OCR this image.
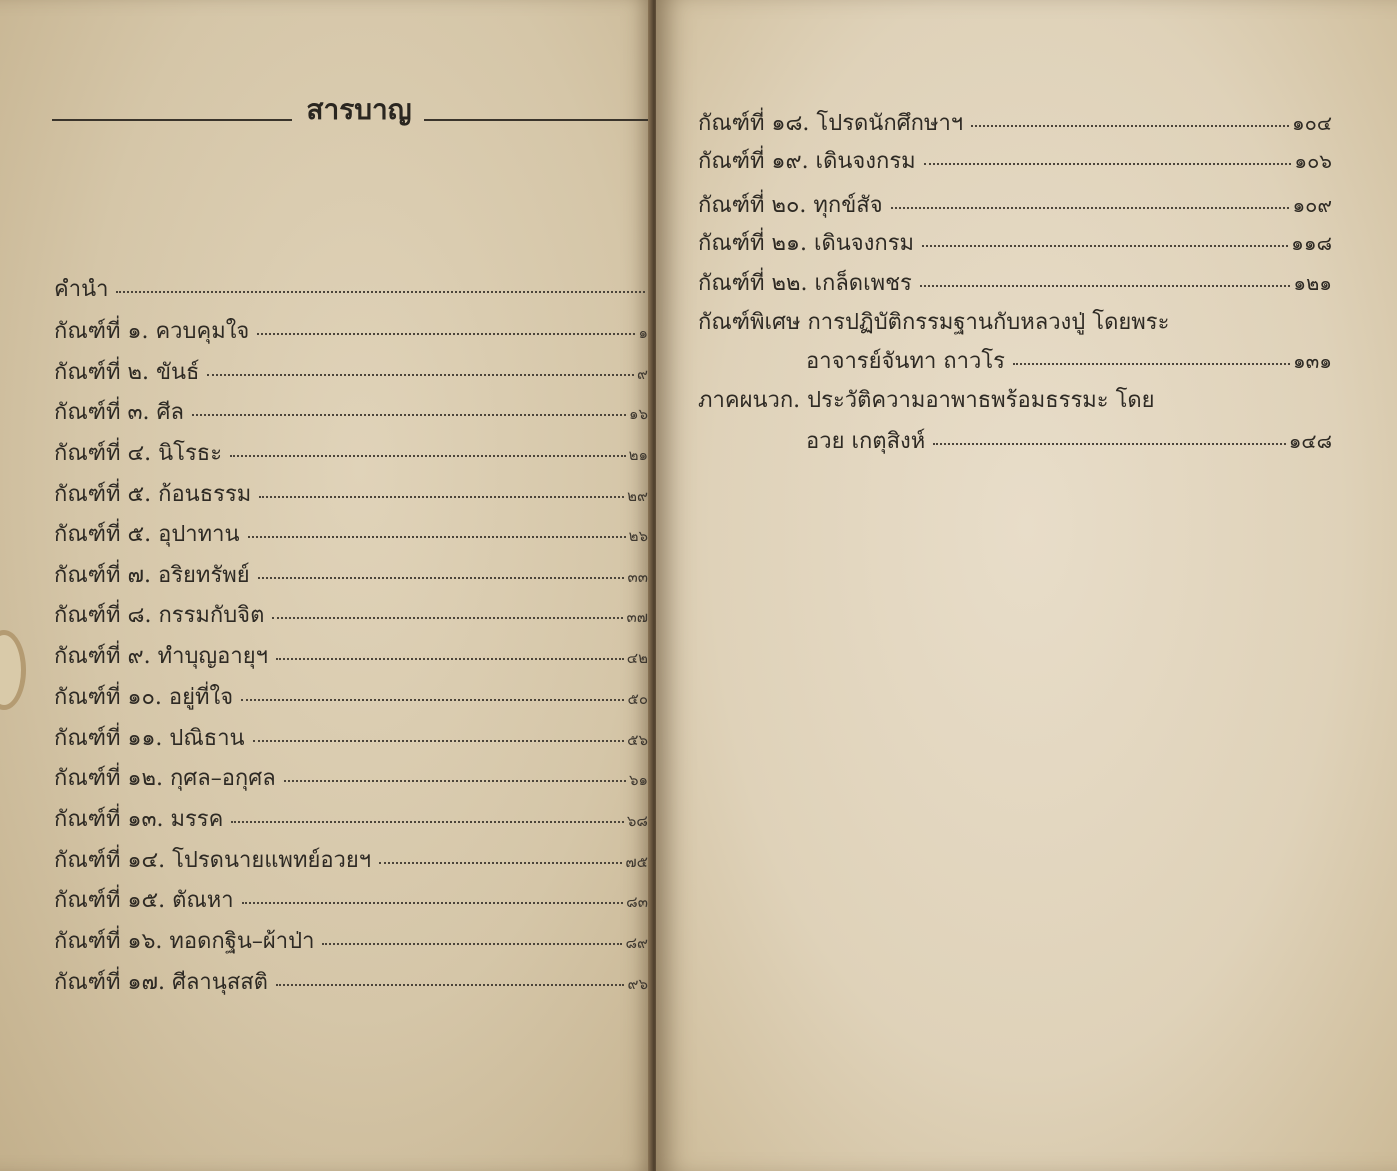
สารบาญ
คำนำ
กัณฑ์ที่ ๑. ควบคุมใจ	๑
กัณฑ์ที่ ๒. ขันธ์	๙
กัณฑ์ที่ ๓. ศีล	๑๖
กัณฑ์ที่ ๔. นิโรธะ	๒๑
กัณฑ์ที่ ๕. ก้อนธรรม	๒๙
กัณฑ์ที่ ๕. อุปาทาน	๒๖
กัณฑ์ที่ ๗. อริยทรัพย์	๓๓
กัณฑ์ที่ ๘. กรรมกับจิต	๓๗
กัณฑ์ที่ ๙. ทำบุญอายุฯ	๔๒
กัณฑ์ที่ ๑๐. อยู่ที่ใจ	๕๐
กัณฑ์ที่ ๑๑. ปณิธาน	๕๖
กัณฑ์ที่ ๑๒. กุศล–อกุศล	๖๑
กัณฑ์ที่ ๑๓. มรรค	๖๘
กัณฑ์ที่ ๑๔. โปรดนายแพทย์อวยฯ	๗๕
กัณฑ์ที่ ๑๕. ตัณหา	๘๓
กัณฑ์ที่ ๑๖. ทอดกฐิน–ผ้าป่า	๘๙
กัณฑ์ที่ ๑๗. ศีลานุสสติ	๙๖
กัณฑ์ที่ ๑๘. โปรดนักศึกษาฯ	๑๐๔
กัณฑ์ที่ ๑๙. เดินจงกรม	๑๐๖
กัณฑ์ที่ ๒๐. ทุกข์สัจ	๑๐๙
กัณฑ์ที่ ๒๑. เดินจงกรม	๑๑๘
กัณฑ์ที่ ๒๒. เกล็ดเพชร	๑๒๑
กัณฑ์พิเศษ การปฏิบัติกรรมฐานกับหลวงปู่ โดยพระ
อาจารย์จันทา ถาวโร	๑๓๑
ภาคผนวก. ประวัติความอาพาธพร้อมธรรมะ โดย
อวย เกตุสิงห์	๑๔๘
